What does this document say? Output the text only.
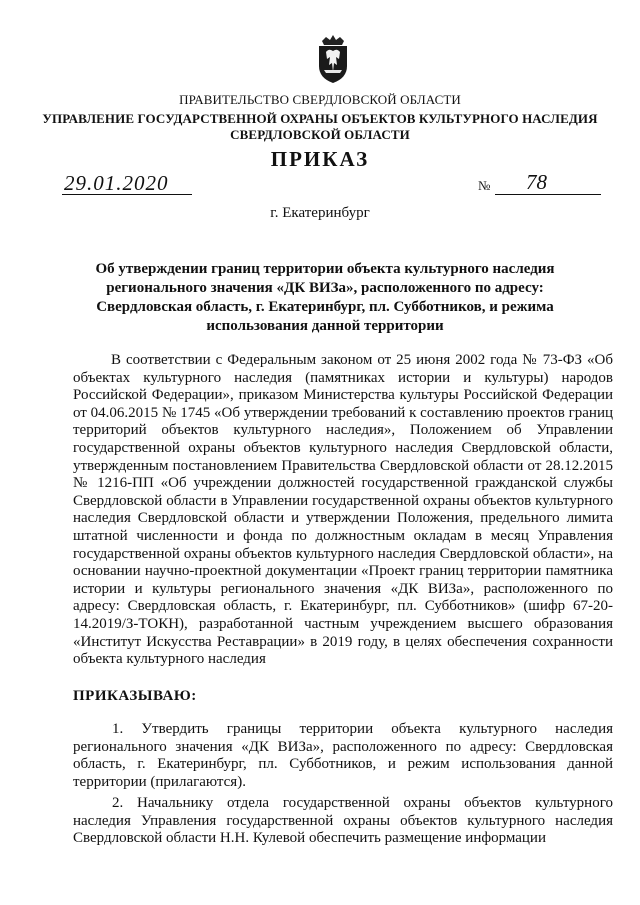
ПРАВИТЕЛЬСТВО СВЕРДЛОВСКОЙ ОБЛАСТИ
УПРАВЛЕНИЕ ГОСУДАРСТВЕННОЙ ОХРАНЫ ОБЪЕКТОВ КУЛЬТУРНОГО НАСЛЕДИЯ
СВЕРДЛОВСКОЙ ОБЛАСТИ
ПРИКАЗ
29.01.2020	№ 78
г. Екатеринбург
Об утверждении границ территории объекта культурного наследия регионального значения «ДК ВИЗа», расположенного по адресу: Свердловская область, г. Екатеринбург, пл. Субботников, и режима использования данной территории
В соответствии с Федеральным законом от 25 июня 2002 года № 73-ФЗ «Об объектах культурного наследия (памятниках истории и культуры) народов Российской Федерации», приказом Министерства культуры Российской Федерации от 04.06.2015 № 1745 «Об утверждении требований к составлению проектов границ территорий объектов культурного наследия», Положением об Управлении государственной охраны объектов культурного наследия Свердловской области, утвержденным постановлением Правительства Свердловской области от 28.12.2015 № 1216-ПП «Об учреждении должностей государственной гражданской службы Свердловской области в Управлении государственной охраны объектов культурного наследия Свердловской области и утверждении Положения, предельного лимита штатной численности и фонда по должностным окладам в месяц Управления государственной охраны объектов культурного наследия Свердловской области», на основании научно-проектной документации «Проект границ территории памятника истории и культуры регионального значения «ДК ВИЗа», расположенного по адресу: Свердловская область, г. Екатеринбург, пл. Субботников» (шифр 67-20-14.2019/З-ТОКН), разработанной частным учреждением высшего образования «Институт Искусства Реставрации» в 2019 году, в целях обеспечения сохранности объекта культурного наследия
ПРИКАЗЫВАЮ:
1. Утвердить границы территории объекта культурного наследия регионального значения «ДК ВИЗа», расположенного по адресу: Свердловская область, г. Екатеринбург, пл. Субботников, и режим использования данной территории (прилагаются).
2. Начальнику отдела государственной охраны объектов культурного наследия Управления государственной охраны объектов культурного наследия Свердловской области Н.Н. Кулевой обеспечить размещение информации
